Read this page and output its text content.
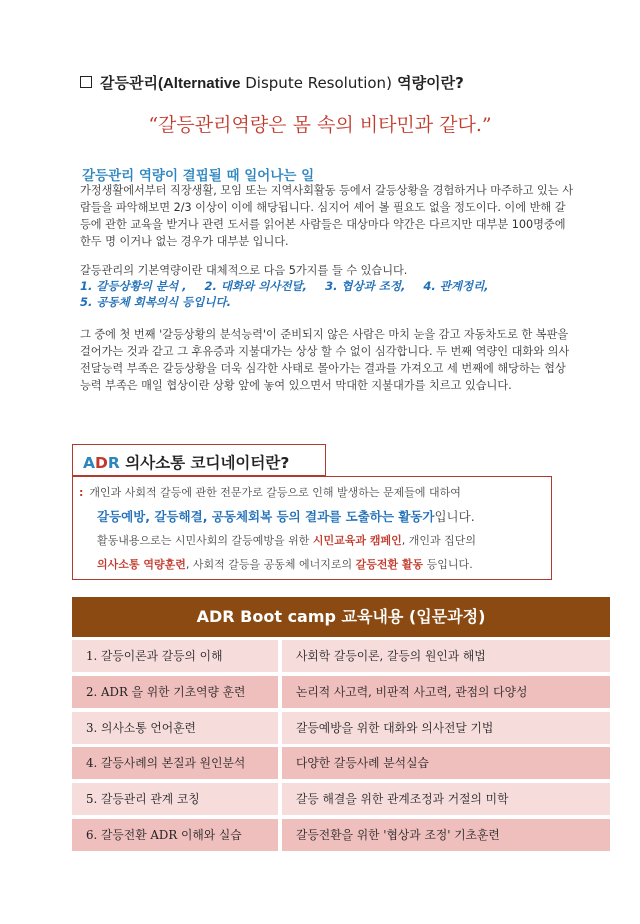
갈등관리(Alternative Dispute Resolution) 역량이란?
“갈등관리역량은 몸 속의 비타민과 같다.”
갈등관리 역량이 결핍될 때 일어나는 일
가정생활에서부터 직장생활, 모임 또는 지역사회활동 등에서 갈등상황을 경험하거나 마주하고 있는 사람들을 파악해보면 2/3 이상이 이에 해당됩니다. 심지어 셰어 볼 필요도 없을 정도이다. 이에 반해 갈등에 관한 교육을 받거나 관련 도서를 읽어본 사람들은 대상마다 약간은 다르지만 대부분 100명중에 한두 명 이거나 없는 경우가 대부분 입니다.
갈등관리의 기본역량이란 대체적으로 다음 5가지를 들 수 있습니다.
1. 갈등상황의 분석 , 2. 대화와 의사전달, 3. 협상과 조정, 4. 관계정리,
5. 공동체 회복의식 등입니다.
그 중에 첫 번째 '갈등상황의 분석능력'이 준비되지 않은 사람은 마치 눈을 감고 자동차도로 한 복판을 걸어가는 것과 같고 그 후유증과 지불대가는 상상 할 수 없이 심각합니다. 두 번째 역량인 대화와 의사 전달능력 부족은 갈등상황을 더욱 심각한 사태로 몰아가는 결과를 가져오고 세 번째에 해당하는 협상능력 부족은 매일 협상이란 상황 앞에 놓여 있으면서 막대한 지불대가를 치르고 있습니다.
ADR 의사소통 코디네이터란?
: 개인과 사회적 갈등에 관한 전문가로 갈등으로 인해 발생하는 문제들에 대하여
갈등예방, 갈등해결, 공동체회복 등의 결과를 도출하는 활동가입니다.
활동내용으로는 시민사회의 갈등예방을 위한 시민교육과 캠페인, 개인과 집단의
의사소통 역량훈련, 사회적 갈등을 공동체 에너지로의 갈등전환 활동 등입니다.
ADR Boot camp 교육내용 (입문과정)
1. 갈등이론과 갈등의 이해	사회학 갈등이론, 갈등의 원인과 해법
2. ADR 을 위한 기초역량 훈련	논리적 사고력, 비판적 사고력, 관점의 다양성
3. 의사소통 언어훈련	갈등예방을 위한 대화와 의사전달 기법
4. 갈등사례의 본질과 원인분석	다양한 갈등사례 분석실습
5. 갈등관리 관계 코칭	갈등 해결을 위한 관계조정과 거절의 미학
6. 갈등전환 ADR 이해와 실습	갈등전환을 위한 '협상과 조정' 기초훈련
